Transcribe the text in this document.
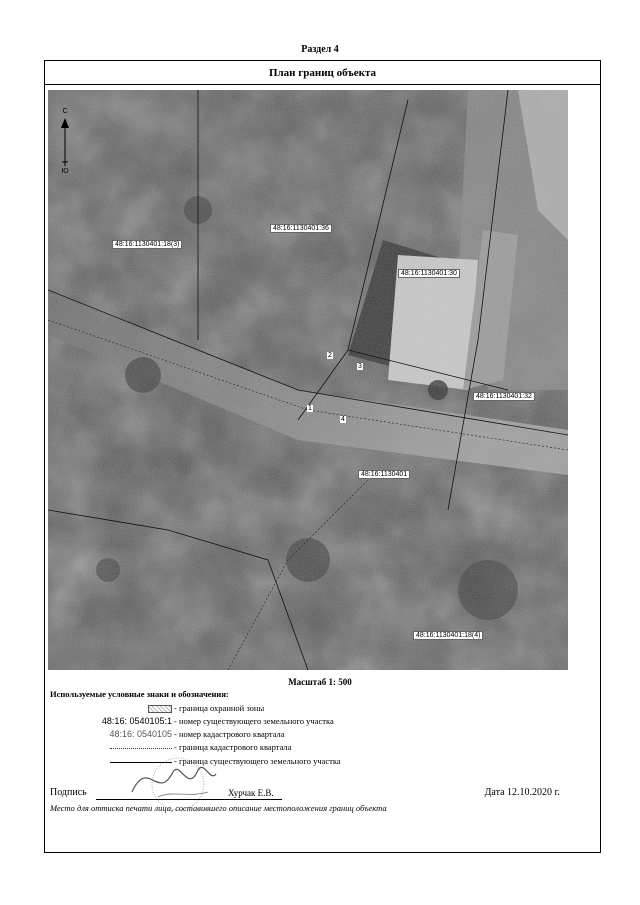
Раздел 4
План границ объекта
48:16:1130401:18(3)
48:16:1130401:36
48:16:1130401:30
48:16:1130401:32
48:16:1130401
48:16:1130401:18(4)
2
3
1
4
С
Ю
Масштаб 1: 500
Используемые условные знаки и обозначения:
- граница охранной зоны
48:16: 0540105:1 - номер существующего земельного участка
48:16: 0540105 - номер кадастрового квартала
- граница кадастрового квартала
- граница существующего земельного участка
Подпись	Хурчак Е.В.	Дата 12.10.2020 г.
Место для оттиска печати лица, составившего описание местоположения границ объекта
